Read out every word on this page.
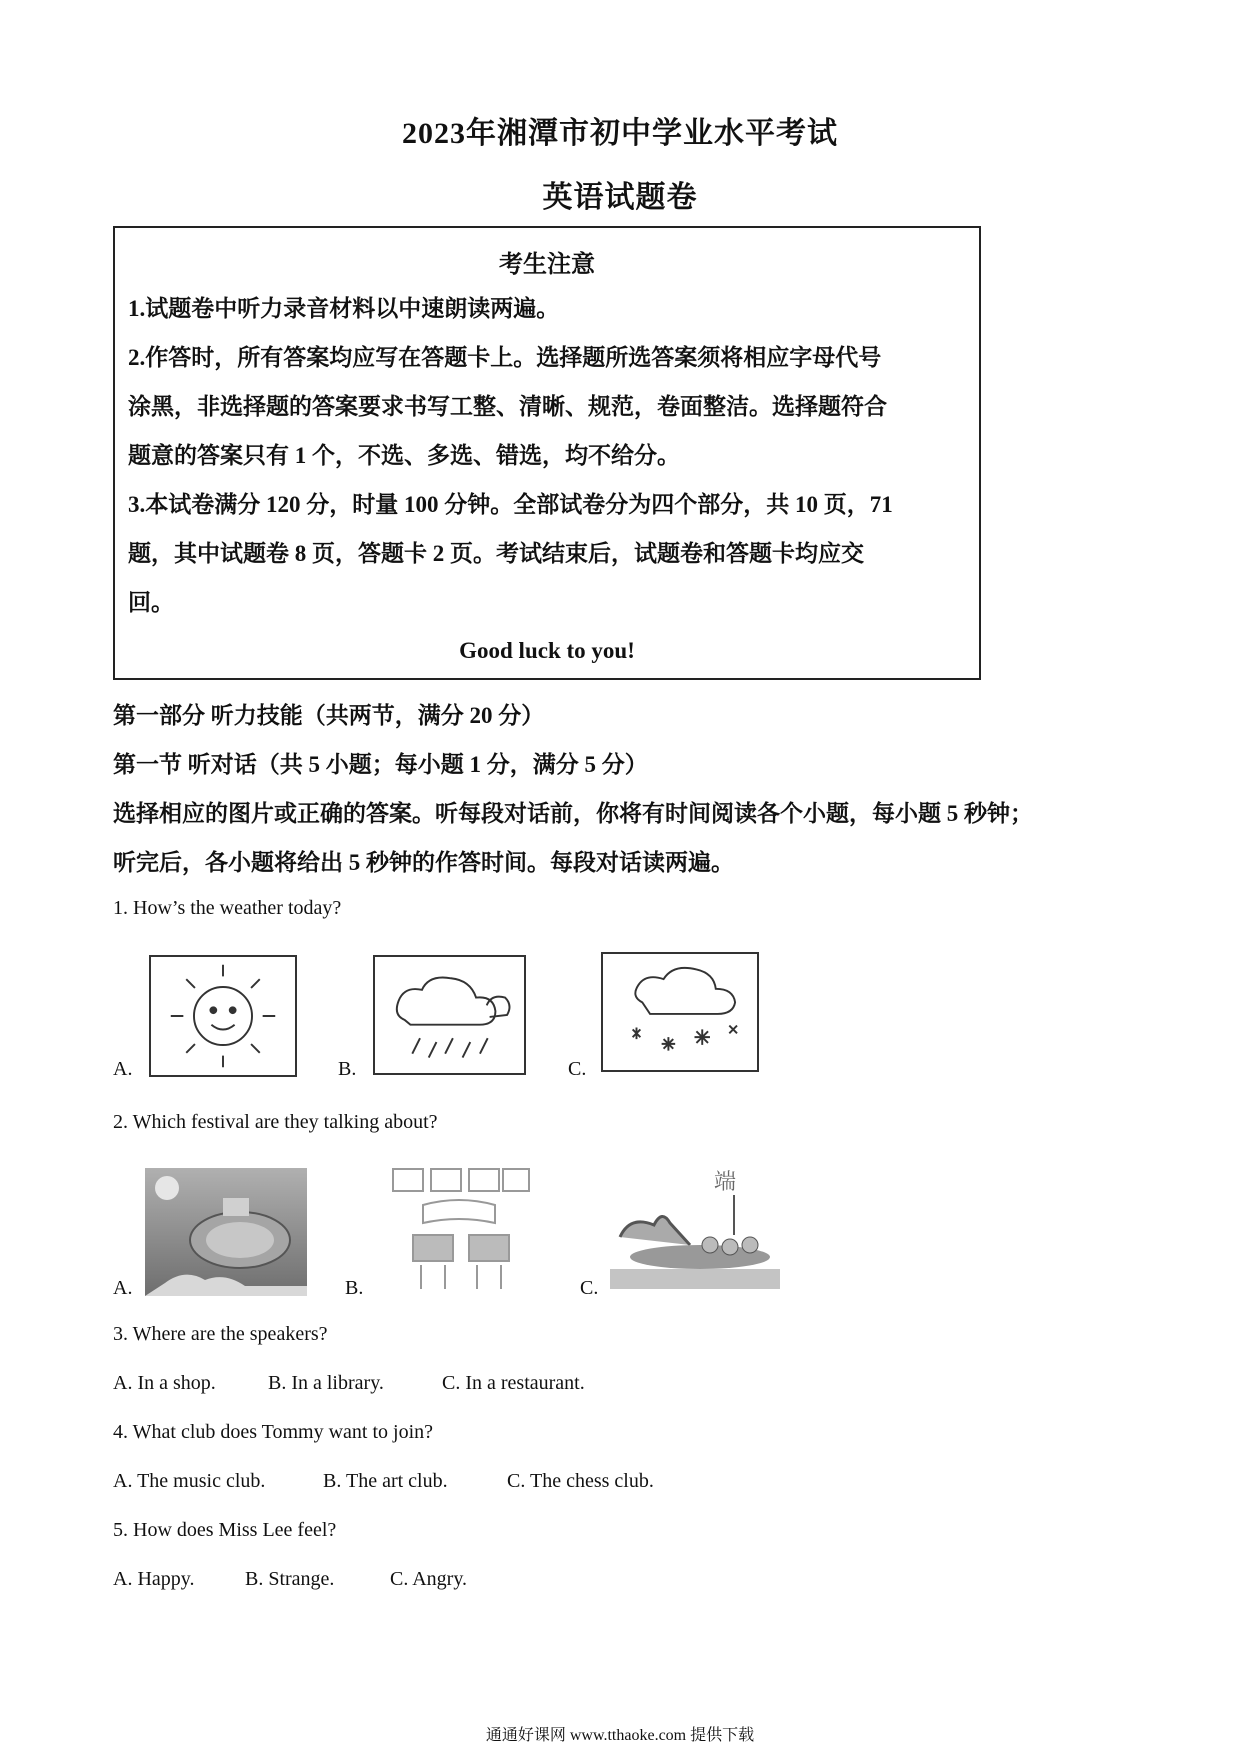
2023年湘潭市初中学业水平考试
英语试题卷
考生注意
1.试题卷中听力录音材料以中速朗读两遍。
2.作答时，所有答案均应写在答题卡上。选择题所选答案须将相应字母代号
涂黑，非选择题的答案要求书写工整、清晰、规范，卷面整洁。选择题符合
题意的答案只有 1 个，不选、多选、错选，均不给分。
3.本试卷满分 120 分，时量 100 分钟。全部试卷分为四个部分，共 10 页，71
题，其中试题卷 8 页，答题卡 2 页。考试结束后，试题卷和答题卡均应交
回。
Good luck to you!
第一部分 听力技能（共两节，满分 20 分）
第一节 听对话（共 5 小题；每小题 1 分，满分 5 分）
选择相应的图片或正确的答案。听每段对话前，你将有时间阅读各个小题，每小题 5 秒钟；
听完后，各小题将给出 5 秒钟的作答时间。每段对话读两遍。
1. How’s the weather today?
A.	B.	C.
2. Which festival are they talking about?
A.	B.	C.
端
3. Where are the speakers?
A. In a shop.	B. In a library.	C. In a restaurant.
4. What club does Tommy want to join?
A. The music club.	B. The art club.	C. The chess club.
5. How does Miss Lee feel?
A. Happy.	B. Strange.	C. Angry.
通通好课网 www.tthaoke.com 提供下载
